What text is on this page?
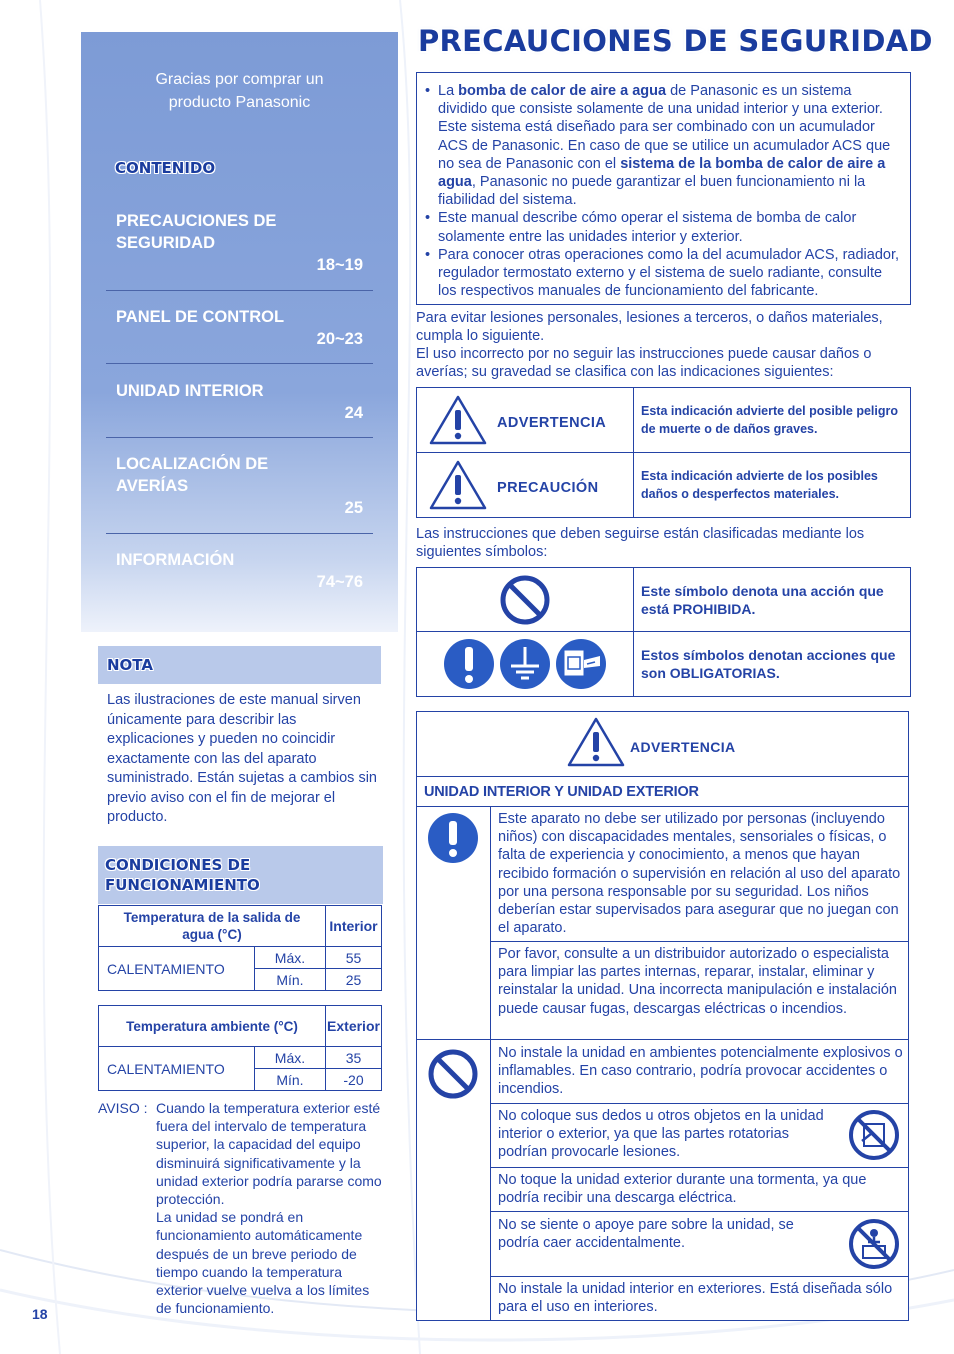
Gracias por comprar un producto Panasonic
CONTENIDO
PRECAUCIONES DE SEGURIDAD
18~19
PANEL DE CONTROL
20~23
UNIDAD INTERIOR
24
LOCALIZACIÓN DE AVERÍAS
25
INFORMACIÓN
74~76
NOTA
Las ilustraciones de este manual sirven únicamente para describir las explicaciones y pueden no coincidir exactamente con las del aparato suministrado. Están sujetas a cambios sin previo aviso con el fin de mejorar el producto.
CONDICIONES DE FUNCIONAMIENTO
Temperatura de la salida de agua (°C)		Interior
CALENTAMIENTO	Máx.	55
	Mín.	25
Temperatura ambiente (°C)		Exterior
CALENTAMIENTO	Máx.	35
	Mín.	-20
AVISO : Cuando la temperatura exterior esté fuera del intervalo de temperatura superior, la capacidad del equipo disminuirá significativamente y la unidad exterior podría pararse como protección.
La unidad se pondrá en funcionamiento automáticamente después de un breve periodo de tiempo cuando la temperatura exterior vuelve vuelva a los límites de funcionamiento.
18
PRECAUCIONES DE SEGURIDAD
• La bomba de calor de aire a agua de Panasonic es un sistema dividido que consiste solamente de una unidad interior y una exterior. Este sistema está diseñado para ser combinado con un acumulador ACS de Panasonic. En caso de que se utilice un acumulador ACS que no sea de Panasonic con el sistema de la bomba de calor de aire a agua, Panasonic no puede garantizar el buen funcionamiento ni la fiabilidad del sistema.
• Este manual describe cómo operar el sistema de bomba de calor solamente entre las unidades interior y exterior.
• Para conocer otras operaciones como la del acumulador ACS, radiador, regulador termostato externo y el sistema de suelo radiante, consulte los respectivos manuales de funcionamiento del fabricante.
Para evitar lesiones personales, lesiones a terceros, o daños materiales, cumpla lo siguiente.
El uso incorrecto por no seguir las instrucciones puede causar daños o averías; su gravedad se clasifica con las indicaciones siguientes:
ADVERTENCIA
Esta indicación advierte del posible peligro de muerte o de daños graves.
PRECAUCIÓN
Esta indicación advierte de los posibles daños o desperfectos materiales.
Las instrucciones que deben seguirse están clasificadas mediante los siguientes símbolos:
Este símbolo denota una acción que está PROHIBIDA.
Estos símbolos denotan acciones que son OBLIGATORIAS.
ADVERTENCIA
UNIDAD INTERIOR Y UNIDAD EXTERIOR
Este aparato no debe ser utilizado por personas (incluyendo niños) con discapacidades mentales, sensoriales o físicas, o falta de experiencia y conocimiento, a menos que hayan recibido formación o supervisión en relación al uso del aparato por una persona responsable por su seguridad. Los niños deberían estar supervisados para asegurar que no juegan con el aparato.
Por favor, consulte a un distribuidor autorizado o especialista para limpiar las partes internas, reparar, instalar, eliminar y reinstalar la unidad. Una incorrecta manipulación e instalación puede causar fugas, descargas eléctricas o incendios.
No instale la unidad en ambientes potencialmente explosivos o inflamables. En caso contrario, podría provocar accidentes o incendios.
No coloque sus dedos u otros objetos en la unidad interior o exterior, ya que las partes rotatorias podrían provocarle lesiones.
No toque la unidad exterior durante una tormenta, ya que podría recibir una descarga eléctrica.
No se siente o apoye pare sobre la unidad, se podría caer accidentalmente.
No instale la unidad interior en exteriores. Está diseñada sólo para el uso en interiores.
